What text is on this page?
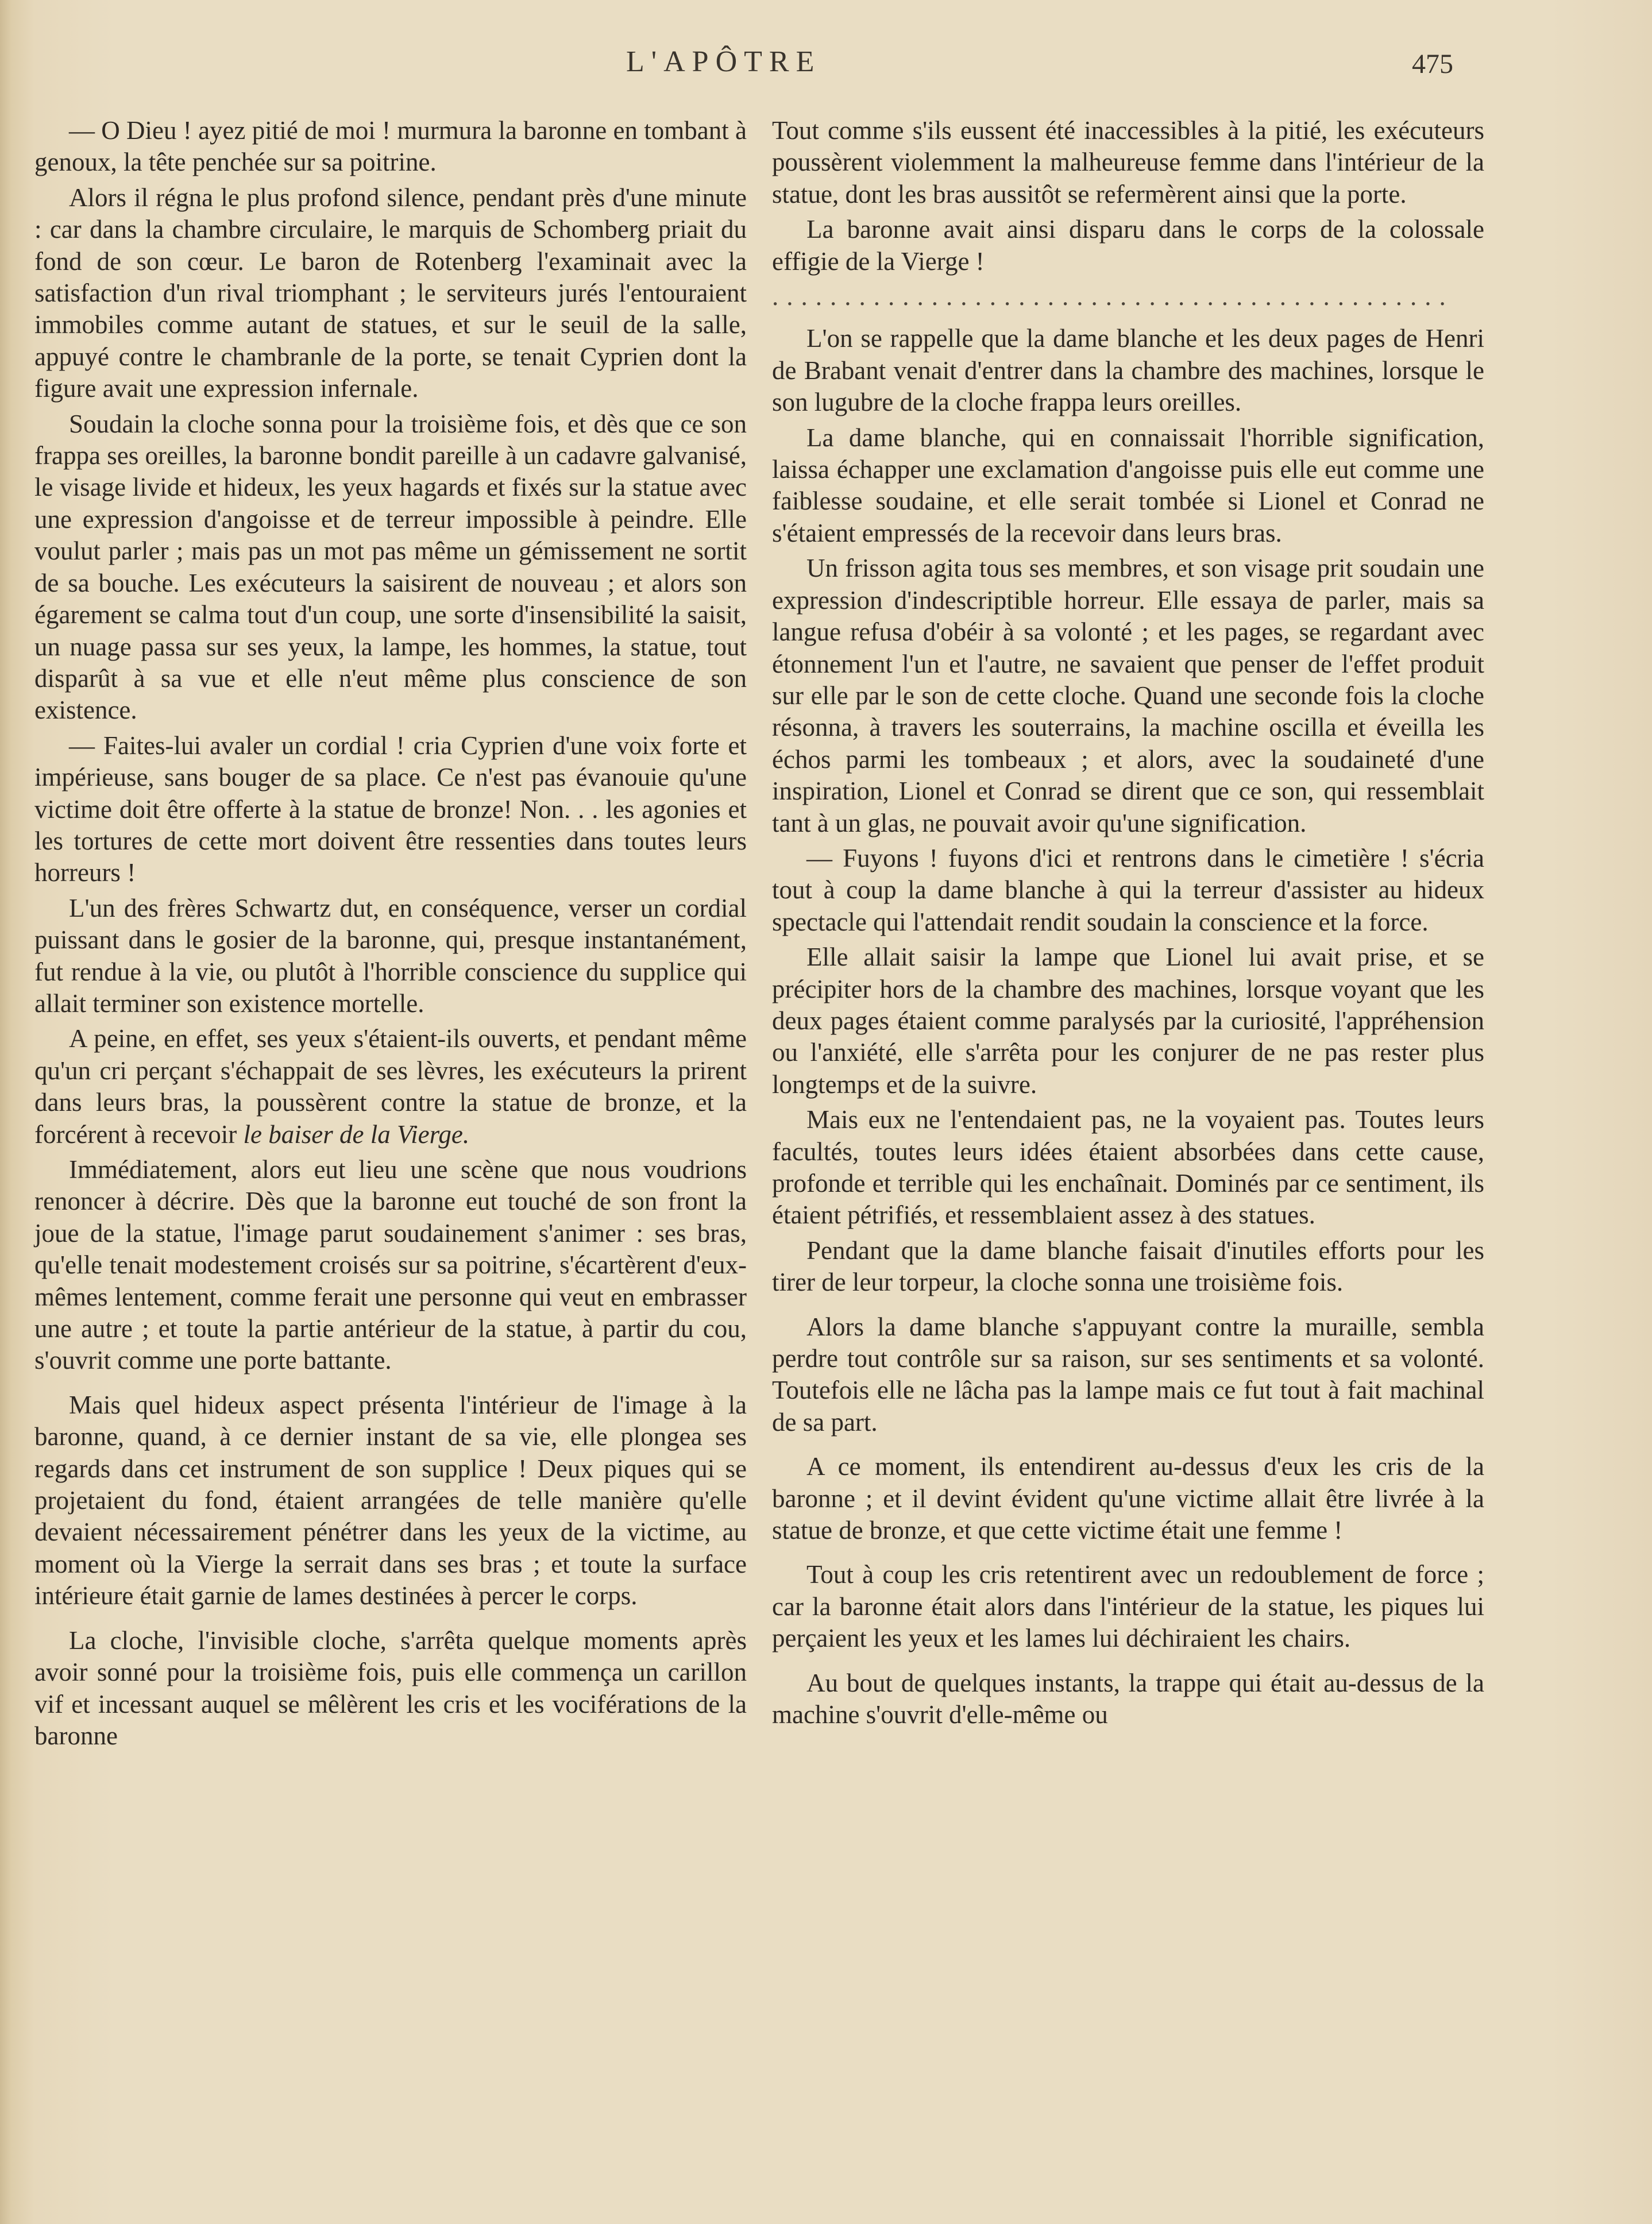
L'APÔTRE	475

— O Dieu ! ayez pitié de moi ! murmura la baronne en tombant à genoux, la tête penchée sur sa poitrine.

Alors il régna le plus profond silence, pendant près d'une minute : car dans la chambre circulaire, le marquis de Schomberg priait du fond de son cœur. Le baron de Rotenberg l'examinait avec la satisfaction d'un rival triomphant ; le serviteurs jurés l'entouraient immobiles comme autant de statues, et sur le seuil de la salle, appuyé contre le chambranle de la porte, se tenait Cyprien dont la figure avait une expression infernale.

Soudain la cloche sonna pour la troisième fois, et dès que ce son frappa ses oreilles, la baronne bondit pareille à un cadavre galvanisé, le visage livide et hideux, les yeux hagards et fixés sur la statue avec une expression d'angoisse et de terreur impossible à peindre. Elle voulut parler ; mais pas un mot pas même un gémissement ne sortit de sa bouche. Les exécuteurs la saisirent de nouveau ; et alors son égarement se calma tout d'un coup, une sorte d'insensibilité la saisit, un nuage passa sur ses yeux, la lampe, les hommes, la statue, tout disparût à sa vue et elle n'eut même plus conscience de son existence.

— Faites-lui avaler un cordial ! cria Cyprien d'une voix forte et impérieuse, sans bouger de sa place. Ce n'est pas évanouie qu'une victime doit être offerte à la statue de bronze! Non. . . les agonies et les tortures de cette mort doivent être ressenties dans toutes leurs horreurs !

L'un des frères Schwartz dut, en conséquence, verser un cordial puissant dans le gosier de la baronne, qui, presque instantanément, fut rendue à la vie, ou plutôt à l'horrible conscience du supplice qui allait terminer son existence mortelle.

A peine, en effet, ses yeux s'étaient-ils ouverts, et pendant même qu'un cri perçant s'échappait de ses lèvres, les exécuteurs la prirent dans leurs bras, la poussèrent contre la statue de bronze, et la forcérent à recevoir le baiser de la Vierge.

Immédiatement, alors eut lieu une scène que nous voudrions renoncer à décrire. Dès que la baronne eut touché de son front la joue de la statue, l'image parut soudainement s'animer : ses bras, qu'elle tenait modestement croisés sur sa poitrine, s'écartèrent d'eux-mêmes lentement, comme ferait une personne qui veut en embrasser une autre ; et toute la partie antérieur de la statue, à partir du cou, s'ouvrit comme une porte battante.

Mais quel hideux aspect présenta l'intérieur de l'image à la baronne, quand, à ce dernier instant de sa vie, elle plongea ses regards dans cet instrument de son supplice ! Deux piques qui se projetaient du fond, étaient arrangées de telle manière qu'elle devaient nécessairement pénétrer dans les yeux de la victime, au moment où la Vierge la serrait dans ses bras ; et toute la surface intérieure était garnie de lames destinées à percer le corps.

La cloche, l'invisible cloche, s'arrêta quelque moments après avoir sonné pour la troisième fois, puis elle commença un carillon vif et incessant auquel se mêlèrent les cris et les vociférations de la baronne

Tout comme s'ils eussent été inaccessibles à la pitié, les exécuteurs poussèrent violemment la malheureuse femme dans l'intérieur de la statue, dont les bras aussitôt se refermèrent ainsi que la porte.

La baronne avait ainsi disparu dans le corps de la colossale effigie de la Vierge !

...............................................

L'on se rappelle que la dame blanche et les deux pages de Henri de Brabant venait d'entrer dans la chambre des machines, lorsque le son lugubre de la cloche frappa leurs oreilles.

La dame blanche, qui en connaissait l'horrible signification, laissa échapper une exclamation d'angoisse puis elle eut comme une faiblesse soudaine, et elle serait tombée si Lionel et Conrad ne s'étaient empressés de la recevoir dans leurs bras.

Un frisson agita tous ses membres, et son visage prit soudain une expression d'indescriptible horreur. Elle essaya de parler, mais sa langue refusa d'obéir à sa volonté ; et les pages, se regardant avec étonnement l'un et l'autre, ne savaient que penser de l'effet produit sur elle par le son de cette cloche. Quand une seconde fois la cloche résonna, à travers les souterrains, la machine oscilla et éveilla les échos parmi les tombeaux ; et alors, avec la soudaineté d'une inspiration, Lionel et Conrad se dirent que ce son, qui ressemblait tant à un glas, ne pouvait avoir qu'une signification.

— Fuyons ! fuyons d'ici et rentrons dans le cimetière ! s'écria tout à coup la dame blanche à qui la terreur d'assister au hideux spectacle qui l'attendait rendit soudain la conscience et la force.

Elle allait saisir la lampe que Lionel lui avait prise, et se précipiter hors de la chambre des machines, lorsque voyant que les deux pages étaient comme paralysés par la curiosité, l'appréhension ou l'anxiété, elle s'arrêta pour les conjurer de ne pas rester plus longtemps et de la suivre.

Mais eux ne l'entendaient pas, ne la voyaient pas. Toutes leurs facultés, toutes leurs idées étaient absorbées dans cette cause, profonde et terrible qui les enchaînait. Dominés par ce sentiment, ils étaient pétrifiés, et ressemblaient assez à des statues.

Pendant que la dame blanche faisait d'inutiles efforts pour les tirer de leur torpeur, la cloche sonna une troisième fois.

Alors la dame blanche s'appuyant contre la muraille, sembla perdre tout contrôle sur sa raison, sur ses sentiments et sa volonté. Toutefois elle ne lâcha pas la lampe mais ce fut tout à fait machinal de sa part.

A ce moment, ils entendirent au-dessus d'eux les cris de la baronne ; et il devint évident qu'une victime allait être livrée à la statue de bronze, et que cette victime était une femme !

Tout à coup les cris retentirent avec un redoublement de force ; car la baronne était alors dans l'intérieur de la statue, les piques lui perçaient les yeux et les lames lui déchiraient les chairs.

Au bout de quelques instants, la trappe qui était au-dessus de la machine s'ouvrit d'elle-même ou
